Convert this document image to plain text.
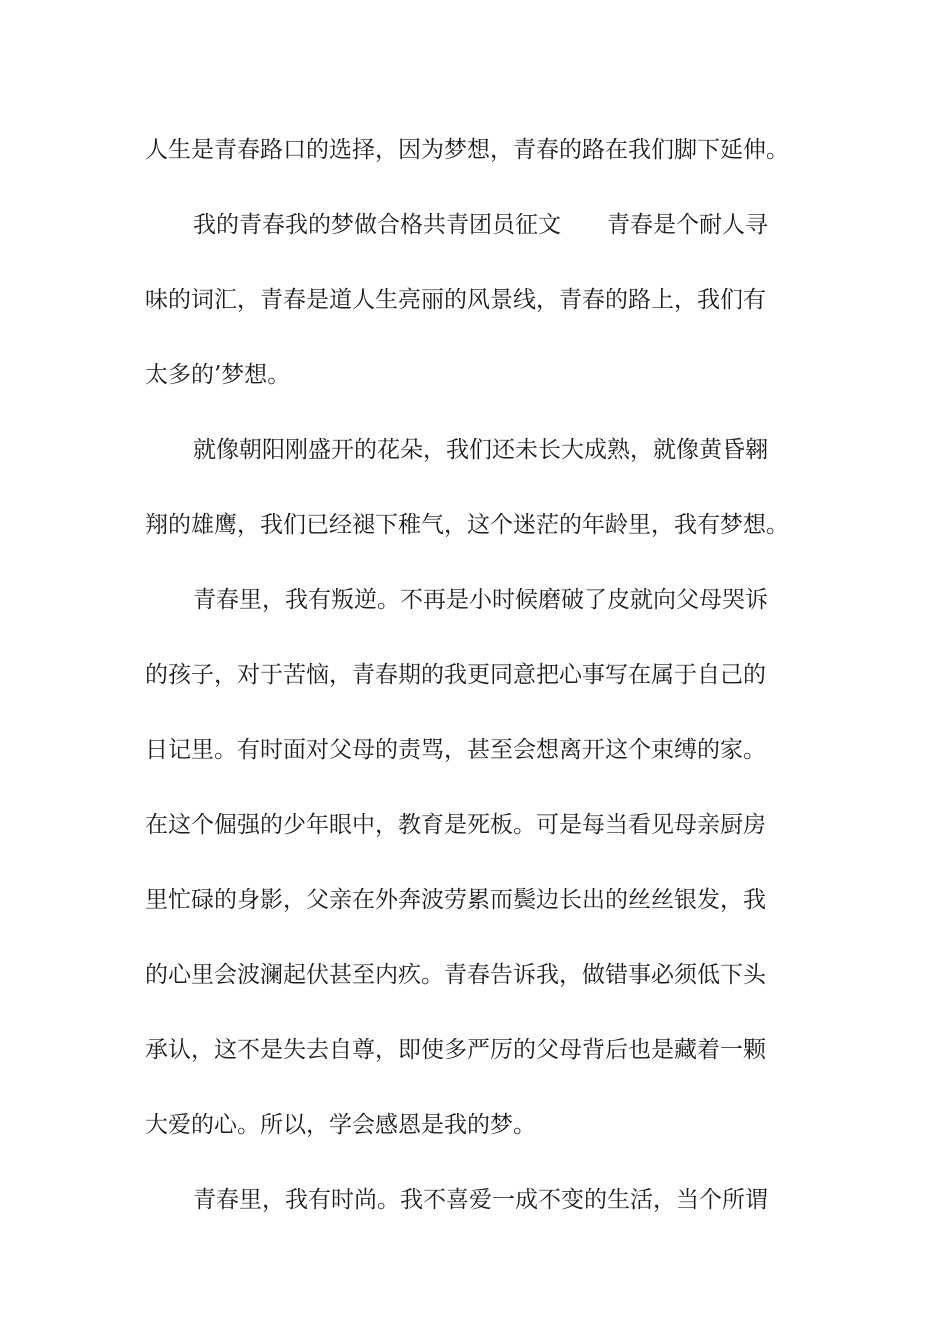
人生是青春路口的选择，因为梦想，青春的路在我们脚下延伸。
我的青春我的梦做合格共青团员征文　　青春是个耐人寻
味的词汇，青春是道人生亮丽的风景线，青春的路上，我们有
太多的’梦想。
就像朝阳刚盛开的花朵，我们还未长大成熟，就像黄昏翱
翔的雄鹰，我们已经褪下稚气，这个迷茫的年龄里，我有梦想。
青春里，我有叛逆。不再是小时候磨破了皮就向父母哭诉
的孩子，对于苦恼，青春期的我更同意把心事写在属于自己的
日记里。有时面对父母的责骂，甚至会想离开这个束缚的家。
在这个倔强的少年眼中，教育是死板。可是每当看见母亲厨房
里忙碌的身影，父亲在外奔波劳累而鬓边长出的丝丝银发，我
的心里会波澜起伏甚至内疚。青春告诉我，做错事必须低下头
承认，这不是失去自尊，即使多严厉的父母背后也是藏着一颗
大爱的心。所以，学会感恩是我的梦。
青春里，我有时尚。我不喜爱一成不变的生活，当个所谓
